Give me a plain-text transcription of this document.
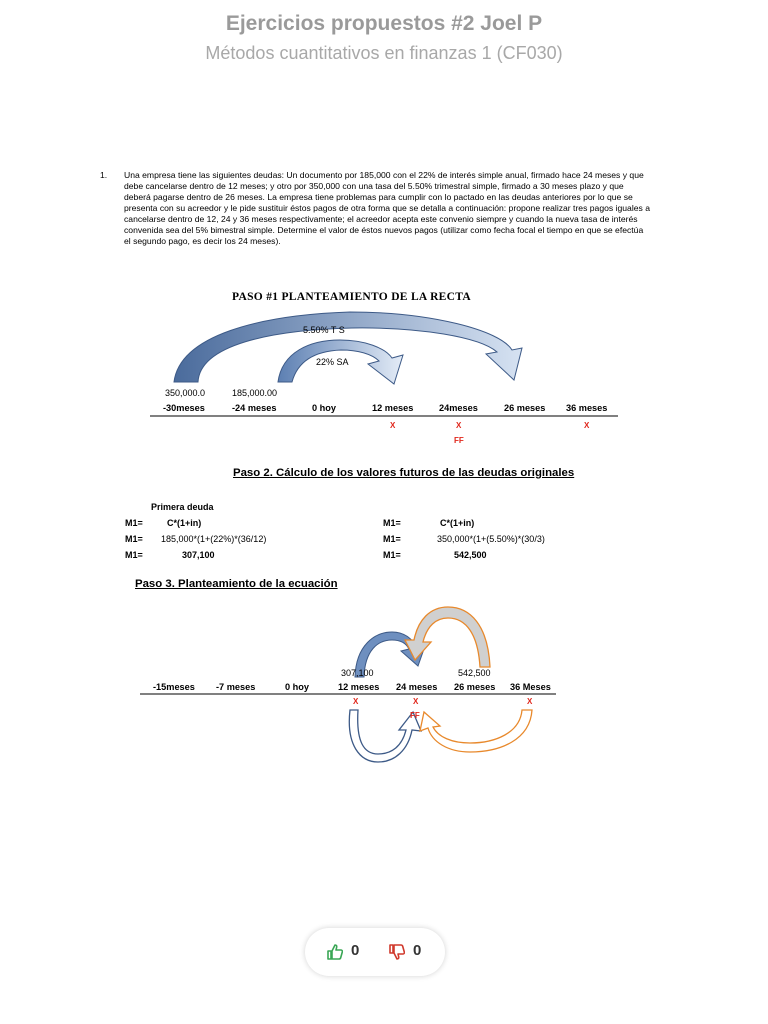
Ejercicios propuestos #2 Joel P
Métodos cuantitativos en finanzas 1 (CF030)
1. Una empresa tiene las siguientes deudas: Un documento por 185,000 con el 22% de interés simple anual, firmado hace 24 meses y que debe cancelarse dentro de 12 meses; y otro por 350,000 con una tasa del 5.50% trimestral simple, firmado a 30 meses plazo y que deberá pagarse dentro de 26 meses. La empresa tiene problemas para cumplir con lo pactado en las deudas anteriores por lo que se presenta con su acreedor y le pide sustituir éstos pagos de otra forma que se detalla a continuación: propone realizar tres pagos iguales a cancelarse dentro de 12, 24 y 36 meses respectivamente; el acreedor acepta este convenio siempre y cuando la nueva tasa de interés convenida sea del 5% bimestral simple. Determine el valor de éstos nuevos pagos (utilizar como fecha focal el tiempo en que se efectúa el segundo pago, es decir los 24 meses).
PASO #1 PLANTEAMIENTO DE LA RECTA
5.50% T S
22% SA
350,000.0	185,000.00
-30meses	-24 meses	0 hoy	12 meses	24meses	26 meses 36 meses
X	X	X
FF
Paso 2. Cálculo de los valores futuros de las deudas originales
Primera deuda
M1=	C*(1+in)
M1= 185,000*(1+(22%)*(36/12)
M1=	307,100
M1=	C*(1+in)
M1=	350,000*(1+(5.50%)*(30/3)
M1=	542,500
Paso 3. Planteamiento de la ecuación
307,100	542,500
-15meses -7 meses	0 hoy	12 meses 24 meses 26 meses 36 Meses
X	X	X
FF
0	0
